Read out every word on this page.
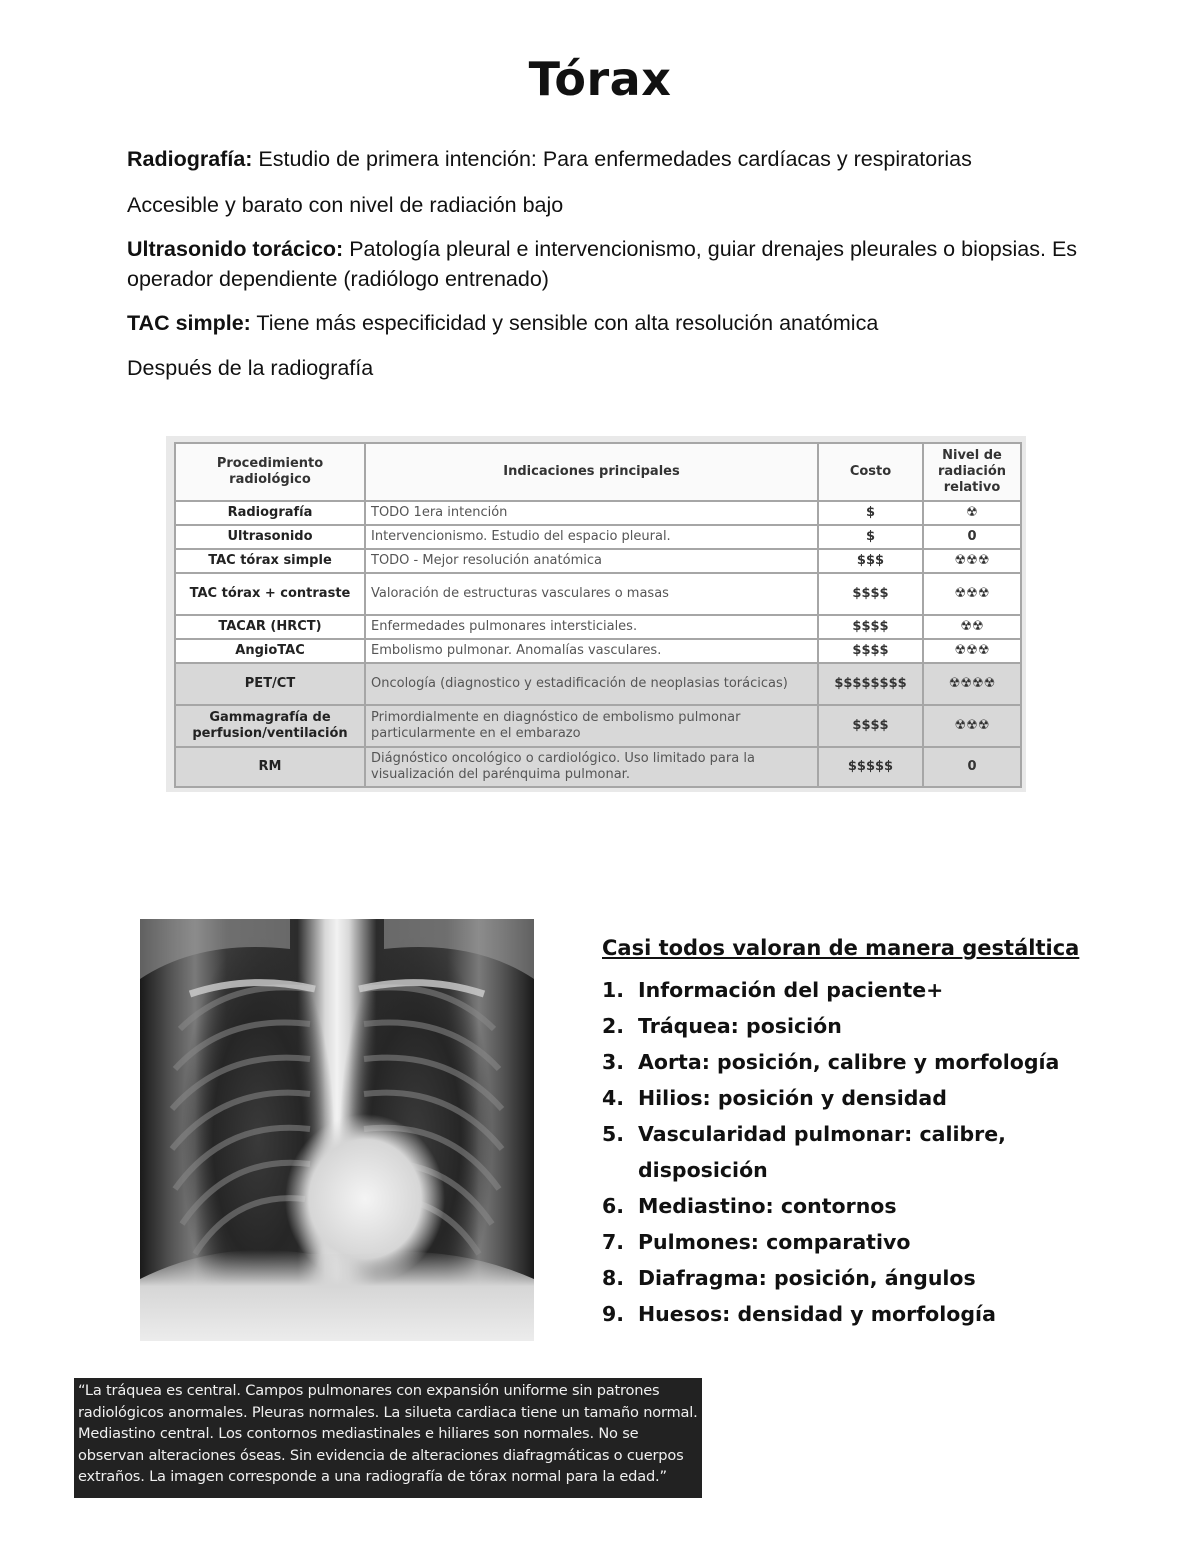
Tórax
Radiografía: Estudio de primera intención: Para enfermedades cardíacas y respiratorias
Accesible y barato con nivel de radiación bajo
Ultrasonido torácico: Patología pleural e intervencionismo, guiar drenajes pleurales o biopsias. Es operador dependiente (radiólogo entrenado)
TAC simple: Tiene más especificidad y sensible con alta resolución anatómica
Después de la radiografía
Procedimiento radiológico	Indicaciones principales	Costo	Nivel de radiación relativo
Radiografía	TODO 1era intención	$	☢
Ultrasonido	Intervencionismo. Estudio del espacio pleural.	$	0
TAC tórax simple	TODO - Mejor resolución anatómica	$$$	☢☢☢
TAC tórax + contraste	Valoración de estructuras vasculares o masas	$$$$	☢☢☢
TACAR (HRCT)	Enfermedades pulmonares intersticiales.	$$$$	☢☢
AngioTAC	Embolismo pulmonar. Anomalías vasculares.	$$$$	☢☢☢
PET/CT	Oncología (diagnostico y estadificación de neoplasias torácicas)	$$$$$$$$	☢☢☢☢
Gammagrafía de perfusion/ventilación	Primordialmente en diagnóstico de embolismo pulmonar particularmente en el embarazo	$$$$	☢☢☢
RM	Diágnóstico oncológico o cardiológico. Uso limitado para la visualización del parénquima pulmonar.	$$$$$	0
Casi todos valoran de manera gestáltica
1. Información del paciente+
2. Tráquea: posición
3. Aorta: posición, calibre y morfología
4. Hilios: posición y densidad
5. Vascularidad pulmonar: calibre, disposición
6. Mediastino: contornos
7. Pulmones: comparativo
8. Diafragma: posición, ángulos
9. Huesos: densidad y morfología
“La tráquea es central. Campos pulmonares con expansión uniforme sin patrones radiológicos anormales. Pleuras normales. La silueta cardiaca tiene un tamaño normal. Mediastino central. Los contornos mediastinales e hiliares son normales. No se observan alteraciones óseas. Sin evidencia de alteraciones diafragmáticas o cuerpos extraños. La imagen corresponde a una radiografía de tórax normal para la edad.”
